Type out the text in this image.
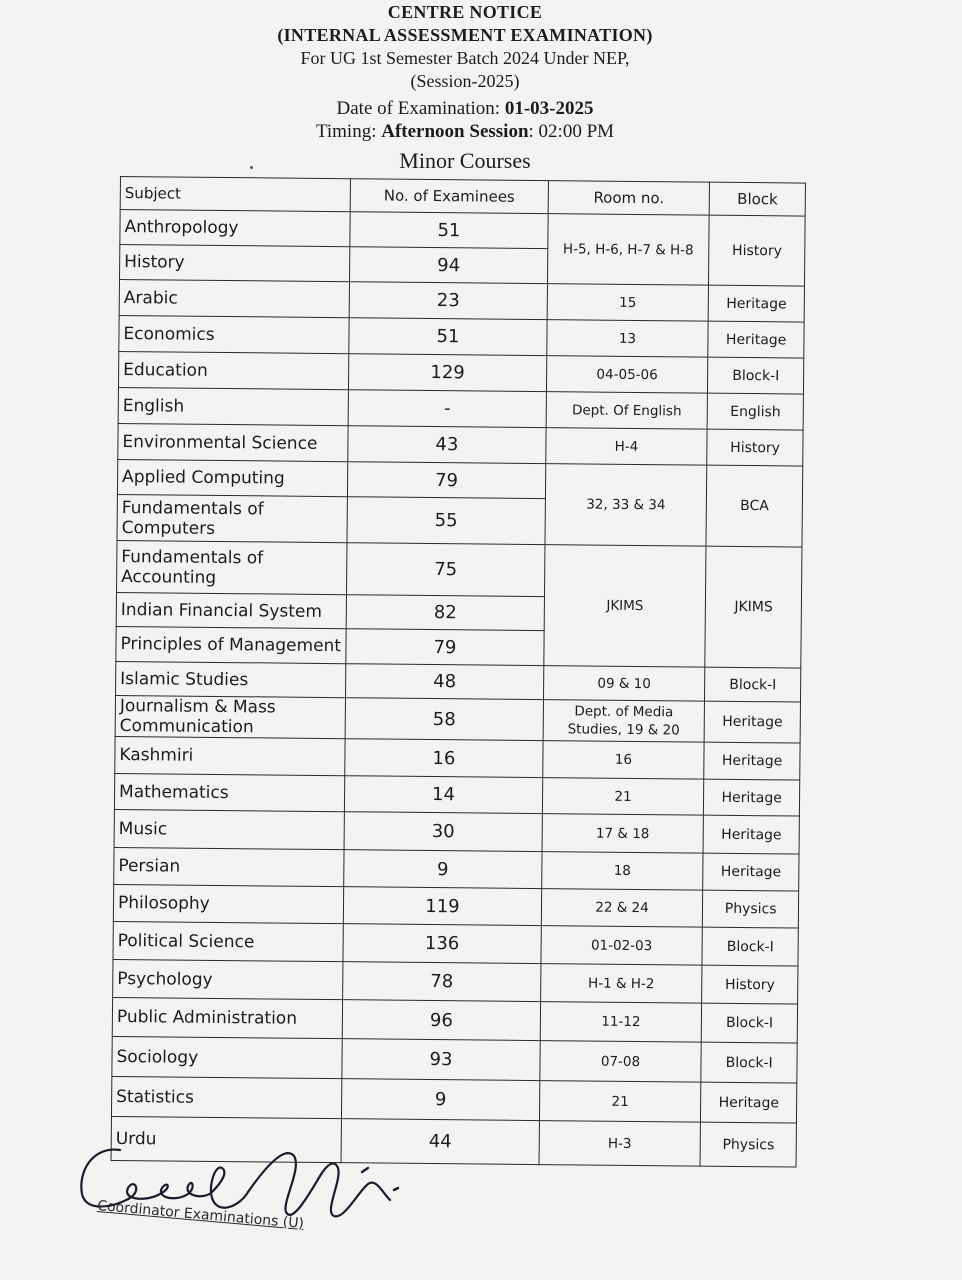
CENTRE NOTICE
(INTERNAL ASSESSMENT EXAMINATION)
For UG 1st Semester Batch 2024 Under NEP,
(Session-2025)
Date of Examination: 01-03-2025
Timing: Afternoon Session: 02:00 PM
Minor Courses
Subject	No. of Examinees	Room no.	Block
Anthropology	51	H-5, H-6, H-7 & H-8	History
History	94		
Arabic	23	15	Heritage
Economics	51	13	Heritage
Education	129	04-05-06	Block-I
English	-	Dept. Of English	English
Environmental Science	43	H-4	History
Applied Computing	79	32, 33 & 34	BCA
Fundamentals of Computers	55		
Fundamentals of Accounting	75	JKIMS	JKIMS
Indian Financial System	82		
Principles of Management	79		
Islamic Studies	48	09 & 10	Block-I
Journalism & Mass Communication	58	Dept. of Media Studies, 19 & 20	Heritage
Kashmiri	16	16	Heritage
Mathematics	14	21	Heritage
Music	30	17 & 18	Heritage
Persian	9	18	Heritage
Philosophy	119	22 & 24	Physics
Political Science	136	01-02-03	Block-I
Psychology	78	H-1 & H-2	History
Public Administration	96	11-12	Block-I
Sociology	93	07-08	Block-I
Statistics	9	21	Heritage
Urdu	44	H-3	Physics
Coordinator Examinations (U)
